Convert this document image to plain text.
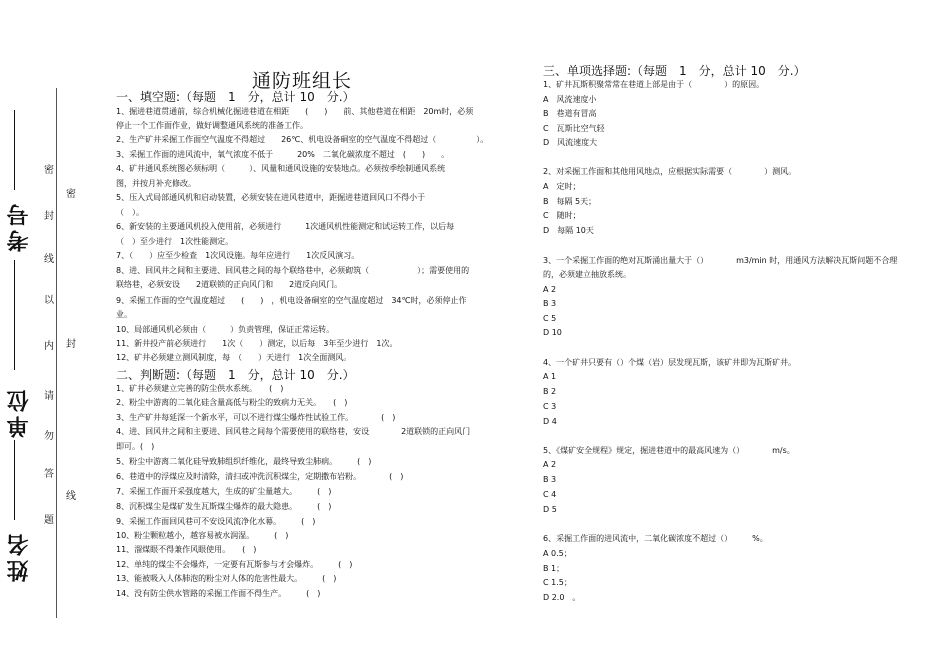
姓名
单位
考号
密
封
线
以
内
请
勿
答
题
密
封
线
通防班组长
一、填空题:（每题　1　分，总计 10　分.）
1、掘进巷道贯通前，综合机械化掘进巷道在相距　　(　　)　　前、其他巷道在相距　20m时，必须
停止一个工作面作业，做好调整通风系统的准备工作。
2、生产矿井采掘工作面空气温度不得超过　　26℃、机电设备硐室的空气温度不得超过（　　　　　）。
3、采掘工作面的进风流中，氧气浓度不低于　　　20%　二氧化碳浓度不超过　(　　)　　。
4、矿井通风系统图必须标明（　　　）、风量和通风设施的安装地点。必须按季绘制通风系统
图，并按月补充修改。
5、压入式局部通风机和启动装置，必须安装在进风巷道中，距掘进巷道回风口不得小于
（　）。
6、新安装的主要通风机投入使用前，必须进行　　　1次通风机性能测定和试运转工作，以后每
（　）至少进行　1次性能测定。
7、（　　）应至少检查　1次风设施。每年应进行　　1次反风演习。
8、进、回风井之间和主要进、回风巷之间的每个联络巷中，必须砌筑（　　　　　　）；需要使用的
联络巷，必须安设　　2道联锁的正向风门和　　2道反向风门。
9、采掘工作面的空气温度超过　　(　　)　，机电设备硐室的空气温度超过　34℃时，必须停止作
业。
10、局部通风机必须由（　　　）负责管理，保证正常运转。
11、新井投产前必须进行　　1次（　　）测定，以后每　3年至少进行　1次。
12、矿井必须建立测风制度，每　（　　）天进行　1次全面测风。
二、判断题:（每题　1　分，总计 10　分.）
1、矿井必须建立完善的防尘供水系统。　　(　)
2、粉尘中游离的二氧化硅含量高低与粉尘的致病力无关。　　(　)
3、生产矿井每延深一个新水平，可以不进行煤尘爆炸性试验工作。　　　　(　)
4、进、回风井之间和主要进、回风巷之间每个需要使用的联络巷，安设　　　　2道联锁的正向风门
即可。(　)
5、粉尘中游离二氧化硅导致肺组织纤维化，最终导致尘肺病。　　　(　)
6、巷道中的浮煤应及时清除，清扫或冲洗沉积煤尘，定期撒布岩粉。　　　　(　)
7、采掘工作面开采强度越大，生成的矿尘量越大。　　　(　)
8、沉积煤尘是煤矿发生瓦斯煤尘爆炸的最大隐患。　　　(　)
9、采掘工作面回风巷可不安设风流净化水幕。　　　(　)
10、粉尘颗粒越小，越容易被水润湿。　　　(　)
11、溜煤眼不得兼作风眼使用。　　(　)
12、单纯的煤尘不会爆炸，一定要有瓦斯参与才会爆炸。　　　(　)
13、能被吸入人体肺泡的粉尘对人体的危害性最大。　　　(　)
14、没有防尘供水管路的采掘工作面不得生产。　　　(　)
三、单项选择题:（每题　1　分，总计 10　分.）
1、矿井瓦斯积聚常常在巷道上部是由于（　　　　）的原因。
A　风流速度小
B　巷道有冒高
C　瓦斯比空气轻
D　风流速度大
2、对采掘工作面和其他用风地点，应根据实际需要（　　　　）测风。
A　定时；
B　每隔 5天；
C　随时；
D　每隔 10天
3、一个采掘工作面的绝对瓦斯涌出量大于（）　　　　m3/min 时，用通风方法解决瓦斯问题不合理
的，必须建立抽放系统。
A 2
B 3
C 5
D 10
4、一个矿井只要有（）个煤（岩）层发现瓦斯，该矿井即为瓦斯矿井。
A 1
B 2
C 3
D 4
5、《煤矿安全规程》规定，掘进巷道中的最高风速为（）　　　　m/s。
A 2
B 3
C 4
D 5
6、采掘工作面的进风流中，二氧化碳浓度不超过（）　　　%。
A 0.5；
B 1；
C 1.5；
D 2.0　。
